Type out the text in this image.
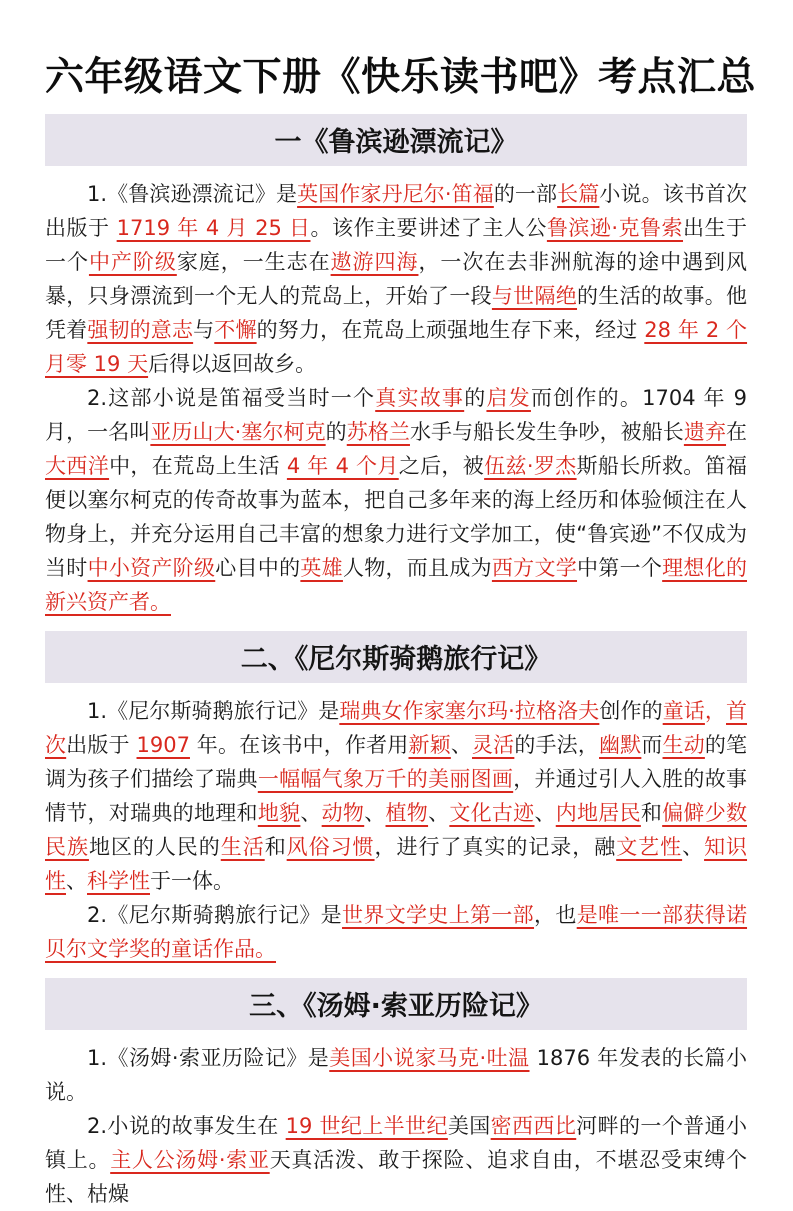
六年级语文下册《快乐读书吧》考点汇总
一《鲁滨逊漂流记》

1.《鲁滨逊漂流记》是英国作家丹尼尔·笛福的一部长篇小说。该书首次出版于 1719 年 4 月 25 日。该作主要讲述了主人公鲁滨逊·克鲁索出生于一个中产阶级家庭，一生志在遨游四海，一次在去非洲航海的途中遇到风暴，只身漂流到一个无人的荒岛上，开始了一段与世隔绝的生活的故事。他凭着强韧的意志与不懈的努力，在荒岛上顽强地生存下来，经过 28 年 2 个月零 19 天后得以返回故乡。

2.这部小说是笛福受当时一个真实故事的启发而创作的。1704 年 9 月，一名叫亚历山大·塞尔柯克的苏格兰水手与船长发生争吵，被船长遗弃在大西洋中，在荒岛上生活 4 年 4 个月之后，被伍兹·罗杰斯船长所救。笛福便以塞尔柯克的传奇故事为蓝本，把自己多年来的海上经历和体验倾注在人物身上，并充分运用自己丰富的想象力进行文学加工，使“鲁宾逊”不仅成为当时中小资产阶级心目中的英雄人物，而且成为西方文学中第一个理想化的新兴资产者。

二、《尼尔斯骑鹅旅行记》

1.《尼尔斯骑鹅旅行记》是瑞典女作家塞尔玛·拉格洛夫创作的童话，首次出版于 1907 年。在该书中，作者用新颖、灵活的手法，幽默而生动的笔调为孩子们描绘了瑞典一幅幅气象万千的美丽图画，并通过引人入胜的故事情节，对瑞典的地理和地貌、动物、植物、文化古迹、内地居民和偏僻少数民族地区的人民的生活和风俗习惯，进行了真实的记录，融文艺性、知识性、科学性于一体。

2.《尼尔斯骑鹅旅行记》是世界文学史上第一部，也是唯一一部获得诺贝尔文学奖的童话作品。

三、《汤姆·索亚历险记》

1.《汤姆·索亚历险记》是美国小说家马克·吐温 1876 年发表的长篇小说。

2.小说的故事发生在 19 世纪上半世纪美国密西西比河畔的一个普通小镇上。主人公汤姆·索亚天真活泼、敢于探险、追求自由，不堪忍受束缚个性、枯燥
